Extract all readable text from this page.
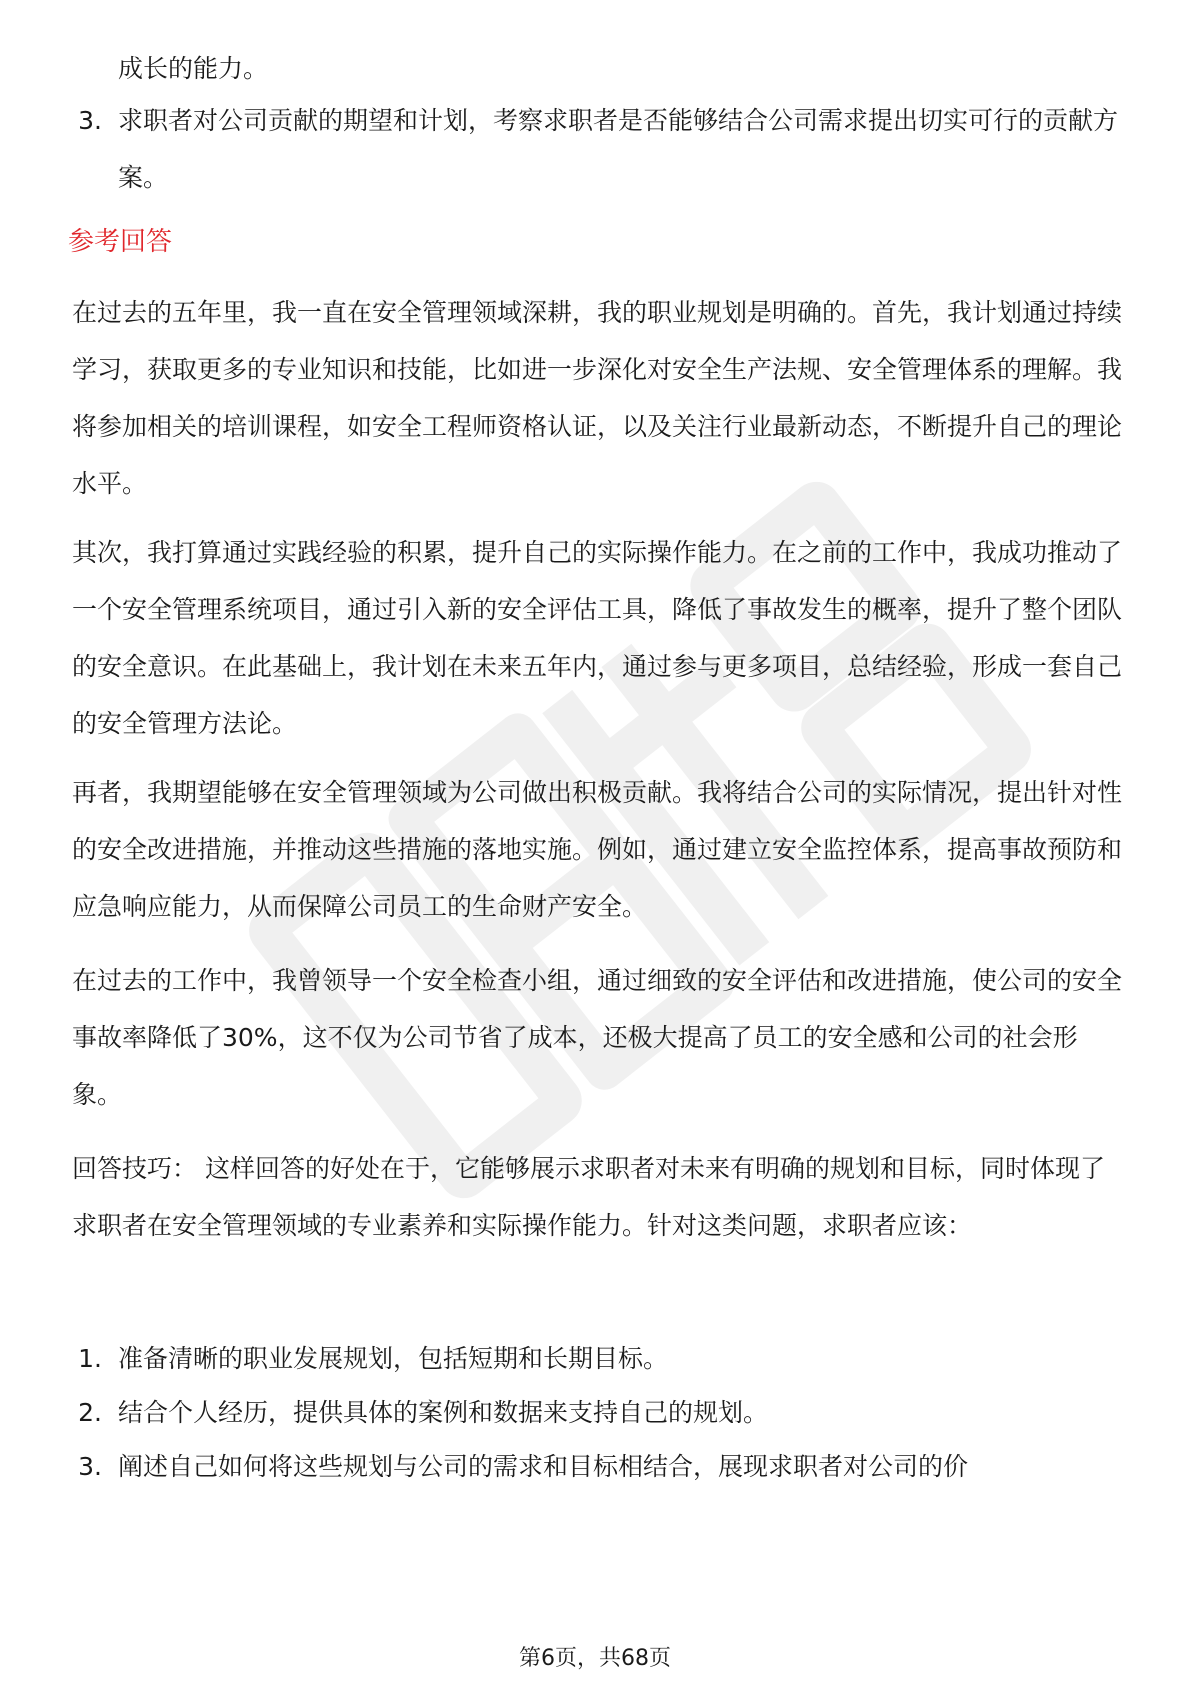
成长的能力。

3. 求职者对公司贡献的期望和计划，考察求职者是否能够结合公司需求提出切实可行的贡献方案。

参考回答

在过去的五年里，我一直在安全管理领域深耕，我的职业规划是明确的。首先，我计划通过持续学习，获取更多的专业知识和技能，比如进一步深化对安全生产法规、安全管理体系的理解。我将参加相关的培训课程，如安全工程师资格认证，以及关注行业最新动态，不断提升自己的理论水平。

其次，我打算通过实践经验的积累，提升自己的实际操作能力。在之前的工作中，我成功推动了一个安全管理系统项目，通过引入新的安全评估工具，降低了事故发生的概率，提升了整个团队的安全意识。在此基础上，我计划在未来五年内，通过参与更多项目，总结经验，形成一套自己的安全管理方法论。

再者，我期望能够在安全管理领域为公司做出积极贡献。我将结合公司的实际情况，提出针对性的安全改进措施，并推动这些措施的落地实施。例如，通过建立安全监控体系，提高事故预防和应急响应能力，从而保障公司员工的生命财产安全。

在过去的工作中，我曾领导一个安全检查小组，通过细致的安全评估和改进措施，使公司的安全事故率降低了30%，这不仅为公司节省了成本，还极大提高了员工的安全感和公司的社会形象。

回答技巧： 这样回答的好处在于，它能够展示求职者对未来有明确的规划和目标，同时体现了求职者在安全管理领域的专业素养和实际操作能力。针对这类问题，求职者应该：

1. 准备清晰的职业发展规划，包括短期和长期目标。

2. 结合个人经历，提供具体的案例和数据来支持自己的规划。

3. 阐述自己如何将这些规划与公司的需求和目标相结合，展现求职者对公司的价

第6页，共68页
